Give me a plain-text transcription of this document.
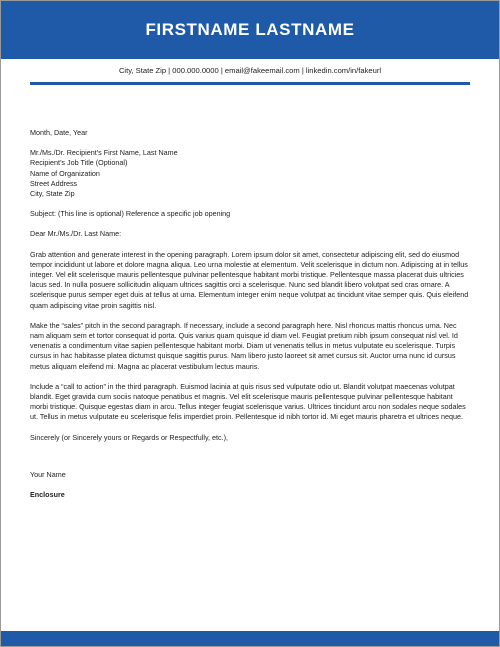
FIRSTNAME LASTNAME
City, State Zip | 000.000.0000 | email@fakeemail.com | linkedin.com/in/fakeurl

Month, Date, Year

Mr./Ms./Dr. Recipient’s First Name, Last Name

Recipient’s Job Title (Optional)

Name of Organization

Street Address

City, State Zip

Subject: (This line is optional) Reference a specific job opening

Dear Mr./Ms./Dr. Last Name:

Grab attention and generate interest in the opening paragraph. Lorem ipsum dolor sit amet, consectetur adipiscing elit, sed do eiusmod tempor incididunt ut labore et dolore magna aliqua. Leo urna molestie at elementum. Velit scelerisque in dictum non. Adipiscing at in tellus integer. Vel elit scelerisque mauris pellentesque pulvinar pellentesque habitant morbi tristique. Pellentesque massa placerat duis ultricies lacus sed. In nulla posuere sollicitudin aliquam ultrices sagittis orci a scelerisque. Nunc sed blandit libero volutpat sed cras ornare. A scelerisque purus semper eget duis at tellus at urna. Elementum integer enim neque volutpat ac tincidunt vitae semper quis. Quis eleifend quam adipiscing vitae proin sagittis nisl.

Make the “sales” pitch in the second paragraph. If necessary, include a second paragraph here. Nisl rhoncus mattis rhoncus urna. Nec nam aliquam sem et tortor consequat id porta. Quis varius quam quisque id diam vel. Feugiat pretium nibh ipsum consequat nisl vel. Id venenatis a condimentum vitae sapien pellentesque habitant morbi. Diam ut venenatis tellus in metus vulputate eu scelerisque. Turpis cursus in hac habitasse platea dictumst quisque sagittis purus. Nam libero justo laoreet sit amet cursus sit. Auctor urna nunc id cursus metus aliquam eleifend mi. Magna ac placerat vestibulum lectus mauris.

Include a “call to action” in the third paragraph. Euismod lacinia at quis risus sed vulputate odio ut. Blandit volutpat maecenas volutpat blandit. Eget gravida cum sociis natoque penatibus et magnis. Vel elit scelerisque mauris pellentesque pulvinar pellentesque habitant morbi tristique. Quisque egestas diam in arcu. Tellus integer feugiat scelerisque varius. Ultrices tincidunt arcu non sodales neque sodales ut. Tellus in metus vulputate eu scelerisque felis imperdiet proin. Pellentesque id nibh tortor id. Mi eget mauris pharetra et ultrices neque.

Sincerely (or Sincerely yours or Regards or Respectfully, etc.),

Your Name

Enclosure
